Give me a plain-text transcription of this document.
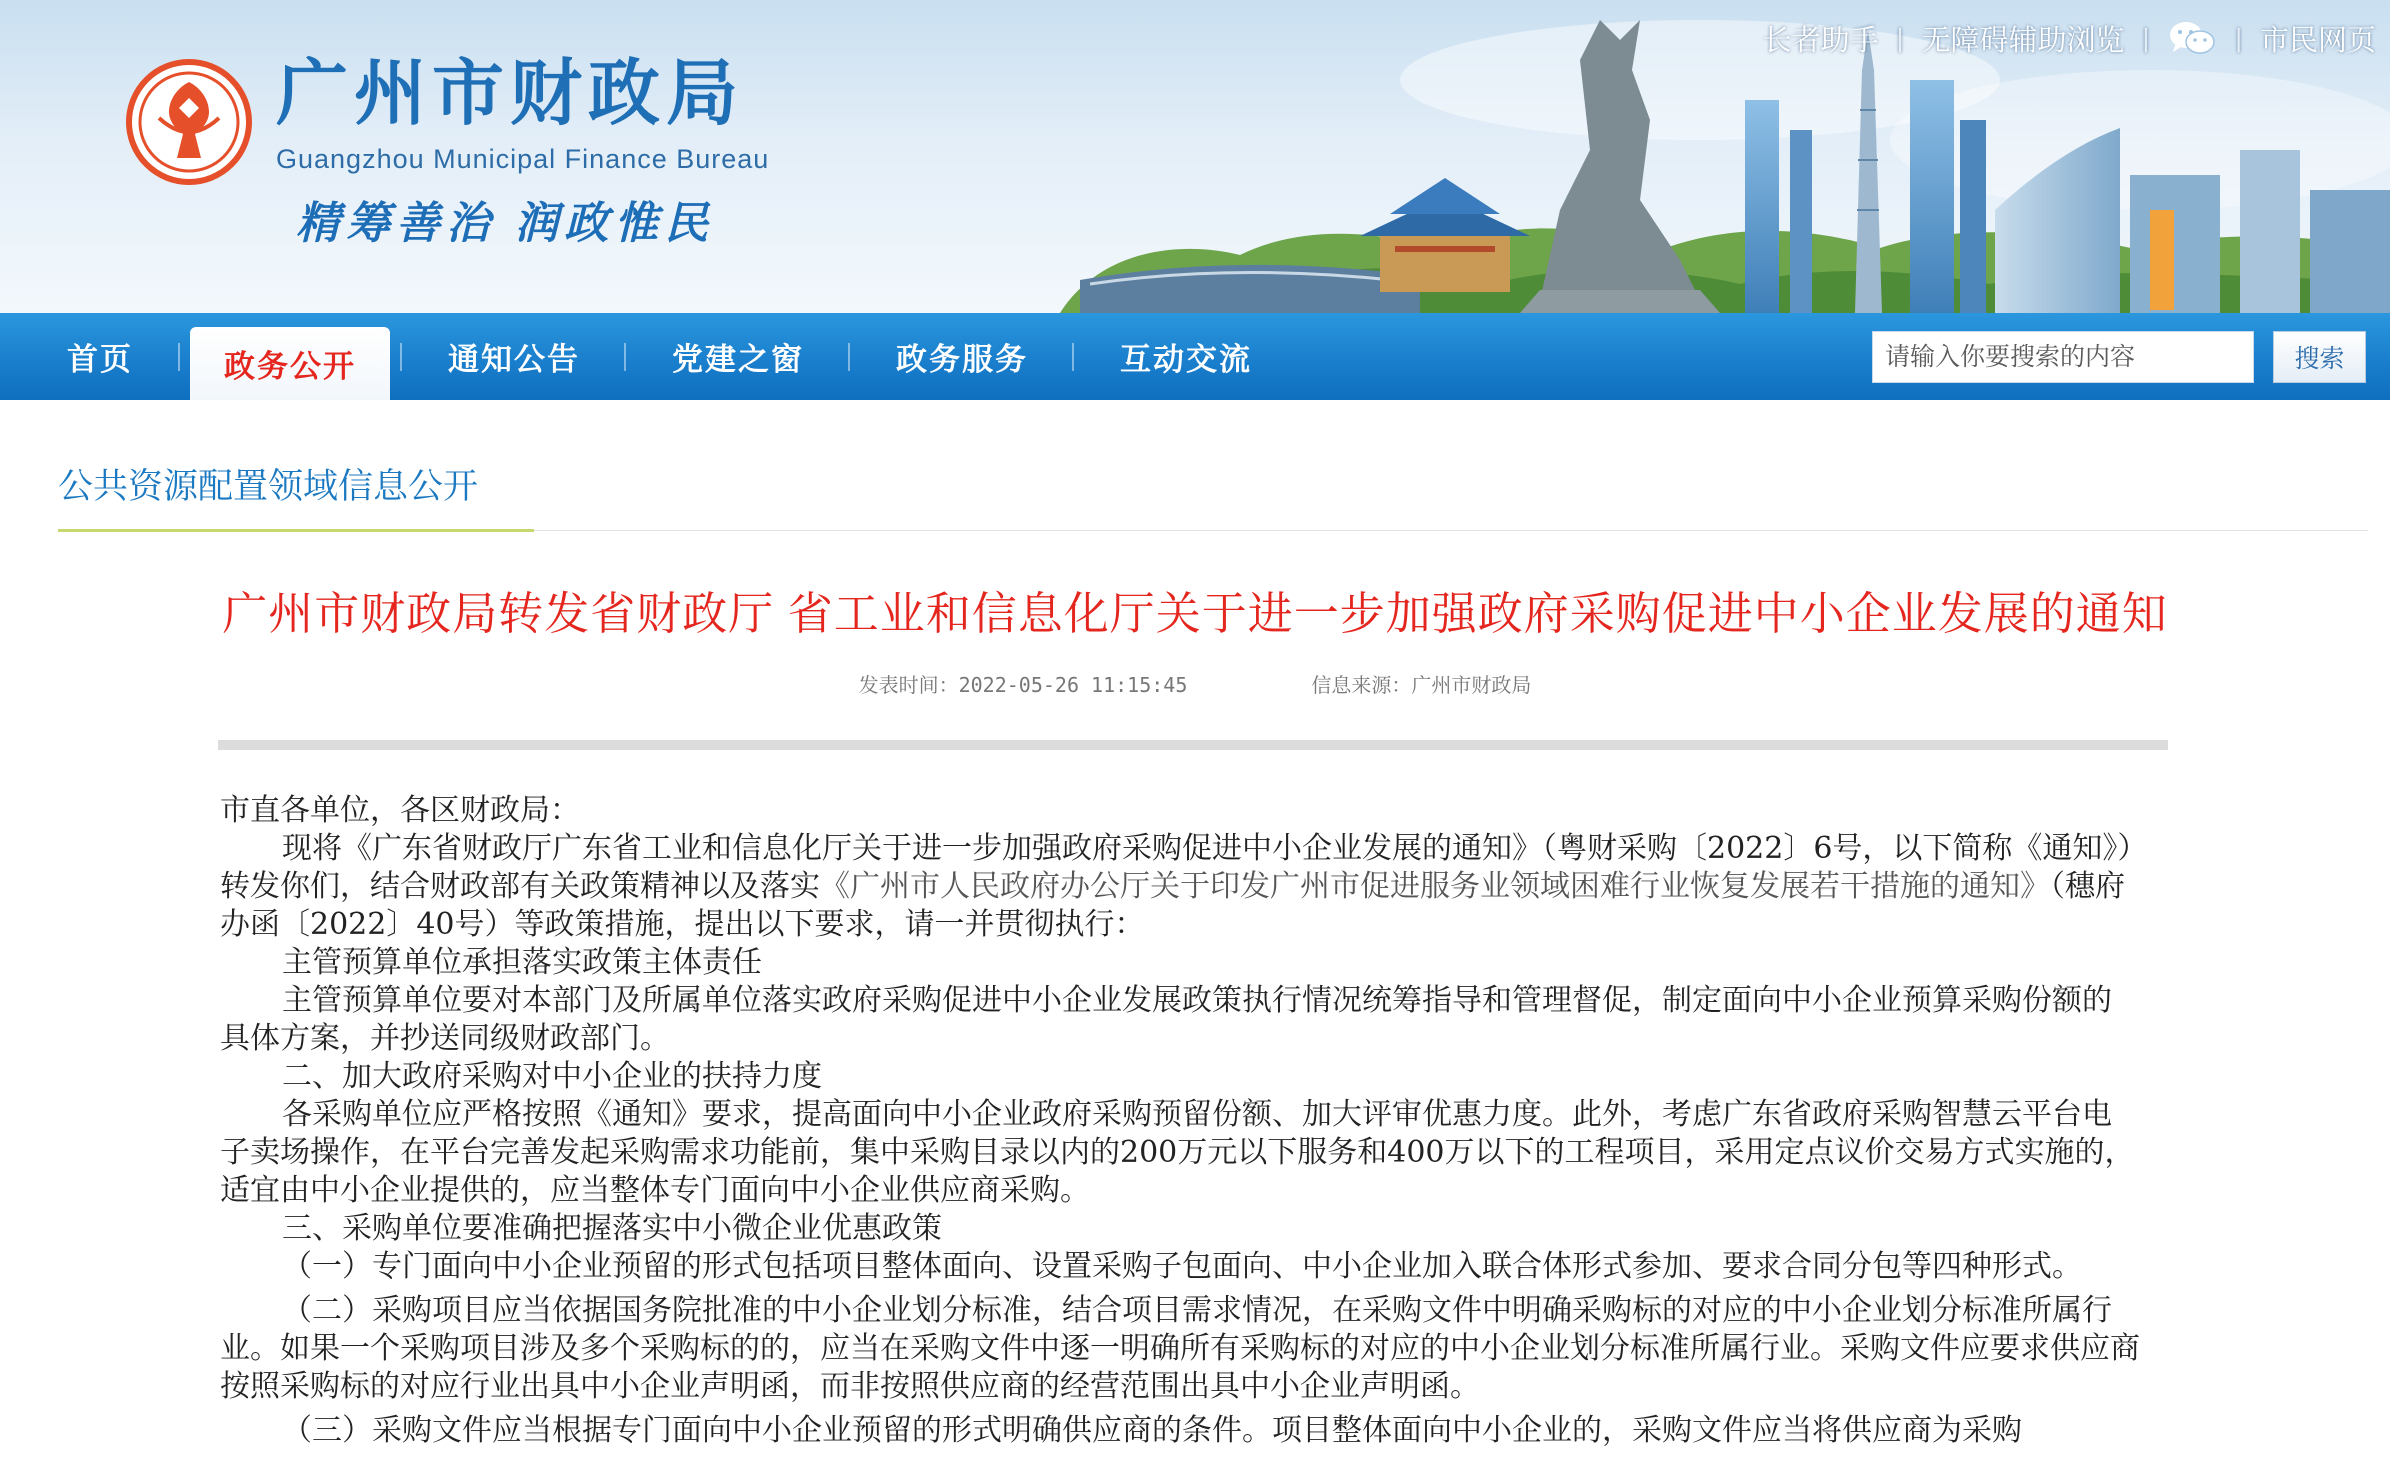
广州市财政局
Guangzhou Municipal Finance Bureau
精筹善治 润政惟民
长者助手 | 无障碍辅助浏览 |	| 市民网页
首页	政务公开	通知公告	党建之窗	政务服务	互动交流
请输入你要搜索的内容	搜索
公共资源配置领域信息公开
广州市财政局转发省财政厅 省工业和信息化厅关于进一步加强政府采购促进中小企业发展的通知
发表时间：2022-05-26 11:15:45	信息来源：广州市财政局

市直各单位，各区财政局：

现将《广东省财政厅广东省工业和信息化厅关于进一步加强政府采购促进中小企业发展的通知》（粤财采购〔2022〕6号，以下简称《通知》）转发你们，结合财政部有关政策精神以及落实《广州市人民政府办公厅关于印发广州市促进服务业领域困难行业恢复发展若干措施的通知》（穗府办函〔2022〕40号）等政策措施，提出以下要求，请一并贯彻执行：

主管预算单位承担落实政策主体责任

主管预算单位要对本部门及所属单位落实政府采购促进中小企业发展政策执行情况统筹指导和管理督促，制定面向中小企业预算采购份额的具体方案，并抄送同级财政部门。

二、加大政府采购对中小企业的扶持力度

各采购单位应严格按照《通知》要求，提高面向中小企业政府采购预留份额、加大评审优惠力度。此外，考虑广东省政府采购智慧云平台电子卖场操作，在平台完善发起采购需求功能前，集中采购目录以内的200万元以下服务和400万以下的工程项目，采用定点议价交易方式实施的，适宜由中小企业提供的，应当整体专门面向中小企业供应商采购。

三、采购单位要准确把握落实中小微企业优惠政策

（一）专门面向中小企业预留的形式包括项目整体面向、设置采购子包面向、中小企业加入联合体形式参加、要求合同分包等四种形式。

（二）采购项目应当依据国务院批准的中小企业划分标准，结合项目需求情况，在采购文件中明确采购标的对应的中小企业划分标准所属行业。如果一个采购项目涉及多个采购标的的，应当在采购文件中逐一明确所有采购标的对应的中小企业划分标准所属行业。采购文件应要求供应商按照采购标的对应行业出具中小企业声明函，而非按照供应商的经营范围出具中小企业声明函。

（三）采购文件应当根据专门面向中小企业预留的形式明确供应商的条件。项目整体面向中小企业的，采购文件应当将供应商为采购
